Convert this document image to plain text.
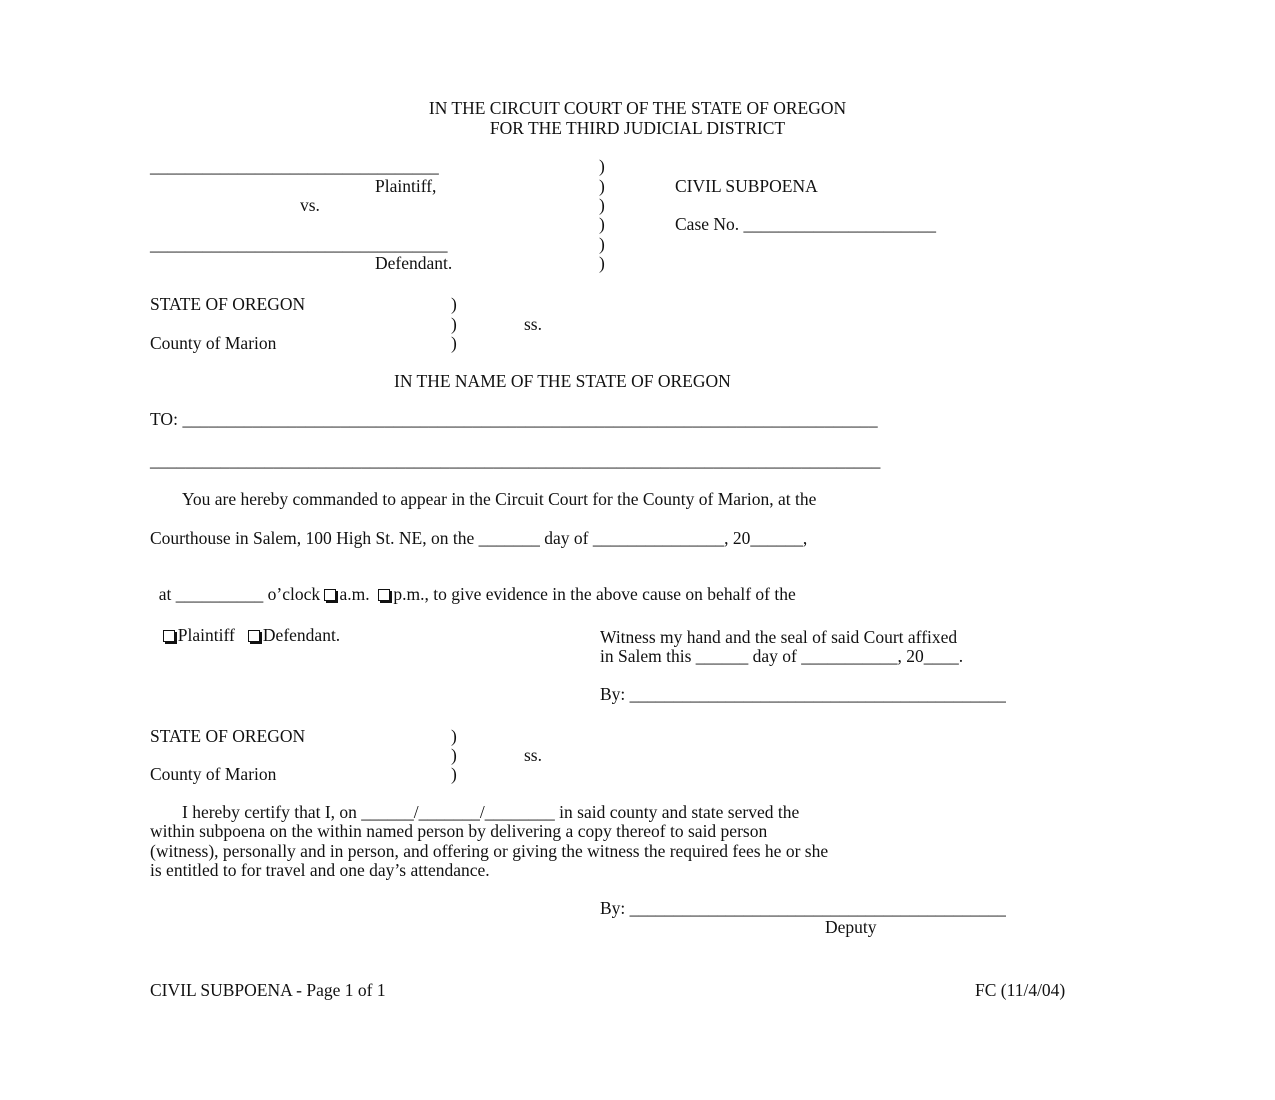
IN THE CIRCUIT COURT OF THE STATE OF OREGON
FOR THE THIRD JUDICIAL DISTRICT
_________________________________
Plaintiff,
vs.
__________________________________
Defendant.
)
)
)
)
)
)
CIVIL SUBPOENA
Case No. ______________________
STATE OF OREGON
County of Marion
)
)
)
ss.
IN THE NAME OF THE STATE OF OREGON
TO: _______________________________________________________________________________
___________________________________________________________________________________
You are hereby commanded to appear in the Circuit Court for the County of Marion, at the
Courthouse in Salem, 100 High St. NE, on the _______ day of _______________, 20______,

at __________ o’clock a.m. p.m., to give evidence in the above cause on behalf of the

Plaintiff Defendant.	Witness my hand and the seal of said Court affixed
in Salem this ______ day of ___________, 20____.
By: ___________________________________________
STATE OF OREGON
County of Marion
)
)
)
ss.
I hereby certify that I, on ______/_______/________ in said county and state served the
within subpoena on the within named person by delivering a copy thereof to said person
(witness), personally and in person, and offering or giving the witness the required fees he or she
is entitled to for travel and one day’s attendance.
By: ___________________________________________
Deputy
CIVIL SUBPOENA - Page 1 of 1	FC (11/4/04)
